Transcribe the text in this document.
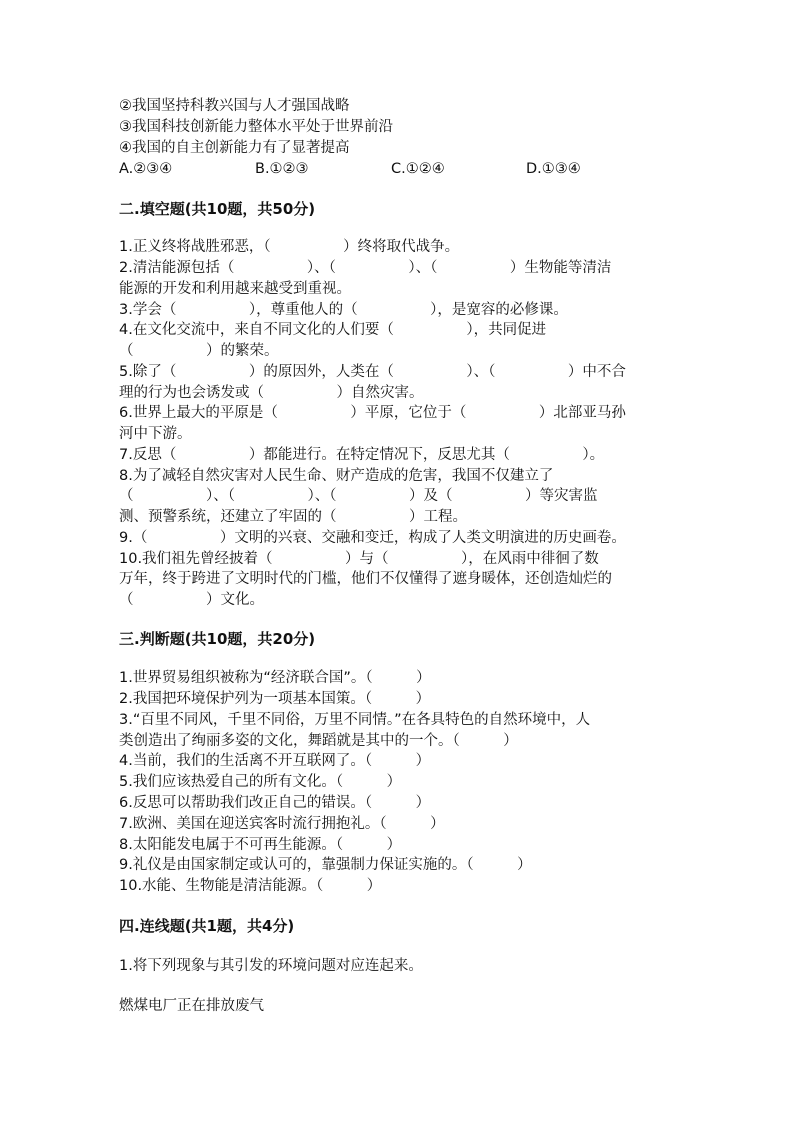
②我国坚持科教兴国与人才强国战略
③我国科技创新能力整体水平处于世界前沿
④我国的自主创新能力有了显著提高
A.②③④	B.①②③	C.①②④	D.①③④
二.填空题(共10题，共50分)
1.正义终将战胜邪恶，（　　　　　）终将取代战争。
2.清洁能源包括（　　　　　）、（　　　　　）、（　　　　　）生物能等清洁
能源的开发和利用越来越受到重视。
3.学会（　　　　　），尊重他人的（　　　　　），是宽容的必修课。
4.在文化交流中，来自不同文化的人们要（　　　　　），共同促进
（　　　　　）的繁荣。
5.除了（　　　　　）的原因外，人类在（　　　　　）、（　　　　　）中不合
理的行为也会诱发或（　　　　　）自然灾害。
6.世界上最大的平原是（　　　　　）平原，它位于（　　　　　）北部亚马孙
河中下游。
7.反思（　　　　　）都能进行。在特定情况下，反思尤其（　　　　　）。
8.为了减轻自然灾害对人民生命、财产造成的危害，我国不仅建立了
（　　　　　）、（　　　　　）、（　　　　　）及（　　　　　）等灾害监
测、预警系统，还建立了牢固的（　　　　　）工程。
9.（　　　　　）文明的兴衰、交融和变迁，构成了人类文明演进的历史画卷。
10.我们祖先曾经披着（　　　　　）与（　　　　　），在风雨中徘徊了数
万年，终于跨进了文明时代的门槛，他们不仅懂得了遮身暖体，还创造灿烂的
（　　　　　）文化。
三.判断题(共10题，共20分)
1.世界贸易组织被称为“经济联合国”。（　　　）
2.我国把环境保护列为一项基本国策。（　　　）
3.“百里不同风，千里不同俗，万里不同情。”在各具特色的自然环境中，人
类创造出了绚丽多姿的文化，舞蹈就是其中的一个。（　　　）
4.当前，我们的生活离不开互联网了。（　　　）
5.我们应该热爱自己的所有文化。（　　　）
6.反思可以帮助我们改正自己的错误。（　　　）
7.欧洲、美国在迎送宾客时流行拥抱礼。（　　　）
8.太阳能发电属于不可再生能源。（　　　）
9.礼仪是由国家制定或认可的，靠强制力保证实施的。（　　　）
10.水能、生物能是清洁能源。（　　　）
四.连线题(共1题，共4分)
1.将下列现象与其引发的环境问题对应连起来。
燃煤电厂正在排放废气
